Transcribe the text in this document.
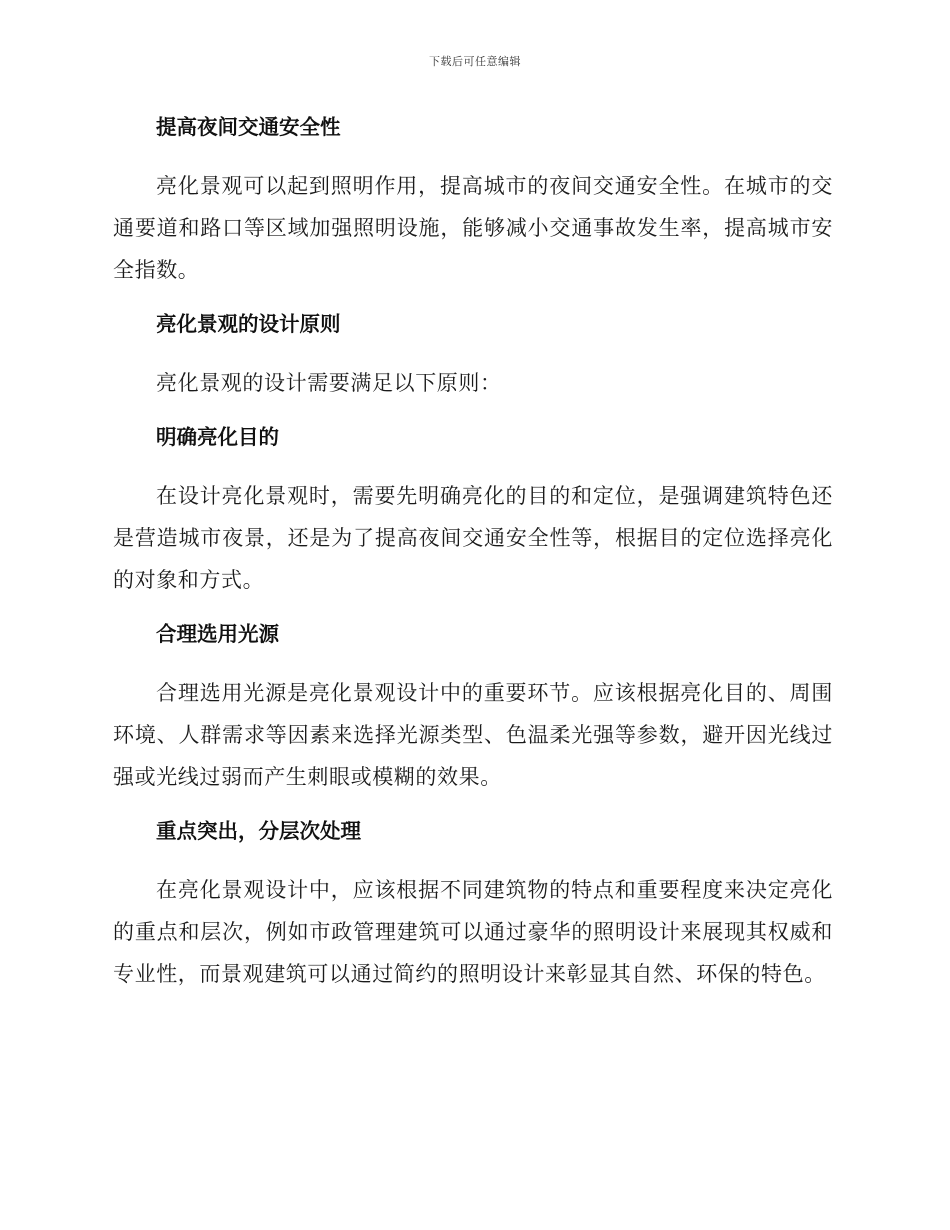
下载后可任意编辑
提高夜间交通安全性

亮化景观可以起到照明作用，提高城市的夜间交通安全性。在城市的交通要道和路口等区域加强照明设施，能够减小交通事故发生率，提高城市安全指数。

亮化景观的设计原则

亮化景观的设计需要满足以下原则：

明确亮化目的

在设计亮化景观时，需要先明确亮化的目的和定位，是强调建筑特色还是营造城市夜景，还是为了提高夜间交通安全性等，根据目的定位选择亮化的对象和方式。

合理选用光源

合理选用光源是亮化景观设计中的重要环节。应该根据亮化目的、周围环境、人群需求等因素来选择光源类型、色温柔光强等参数，避开因光线过强或光线过弱而产生刺眼或模糊的效果。

重点突出，分层次处理

在亮化景观设计中，应该根据不同建筑物的特点和重要程度来决定亮化的重点和层次，例如市政管理建筑可以通过豪华的照明设计来展现其权威和专业性，而景观建筑可以通过简约的照明设计来彰显其自然、环保的特色。
